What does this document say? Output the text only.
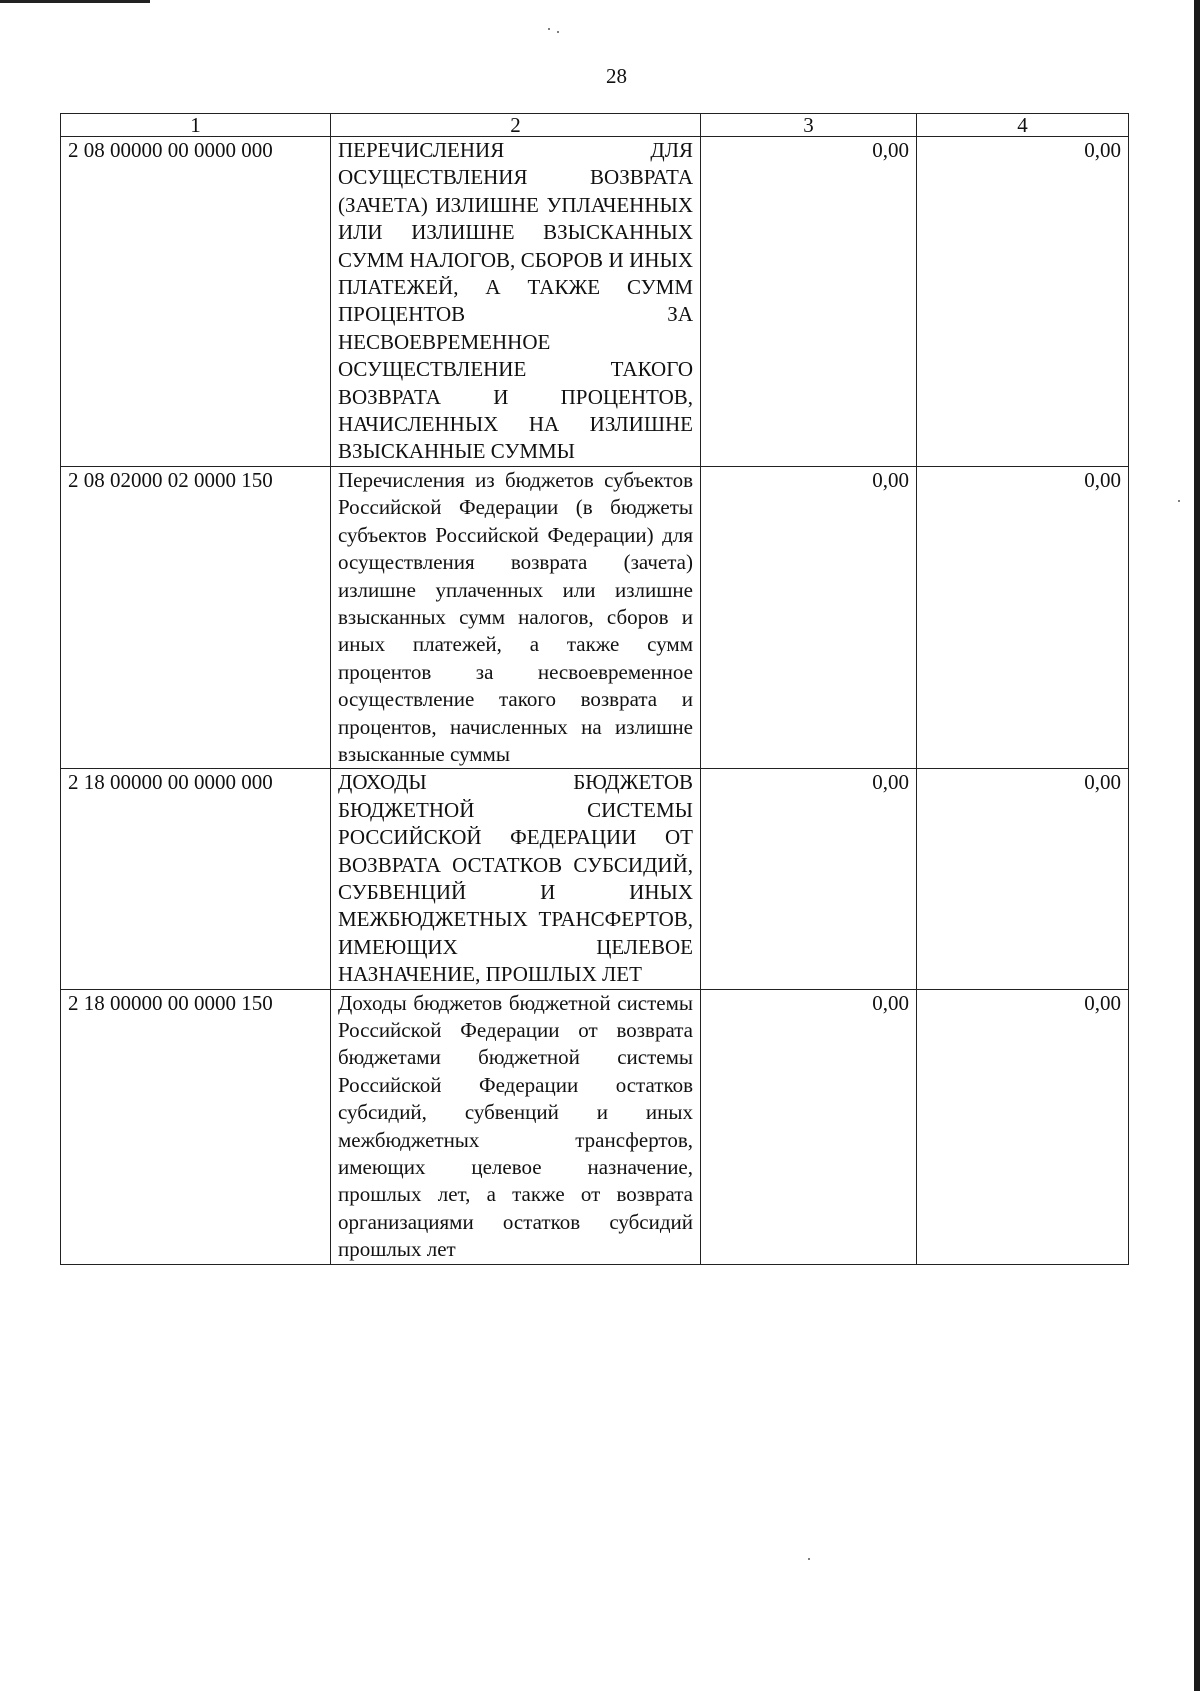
28
1	2	3	4
2 08 00000 00 0000 000	ПЕРЕЧИСЛЕНИЯ ДЛЯ ОСУЩЕСТВЛЕНИЯ ВОЗВРАТА (ЗАЧЕТА) ИЗЛИШНЕ УПЛАЧЕННЫХ ИЛИ ИЗЛИШНЕ ВЗЫСКАННЫХ СУММ НАЛОГОВ, СБОРОВ И ИНЫХ ПЛАТЕЖЕЙ, А ТАКЖЕ СУММ ПРОЦЕНТОВ ЗА НЕСВОЕВРЕМЕННОЕ ОСУЩЕСТВЛЕНИЕ ТАКОГО ВОЗВРАТА И ПРОЦЕНТОВ, НАЧИСЛЕННЫХ НА ИЗЛИШНЕ ВЗЫСКАННЫЕ СУММЫ	0,00	0,00
2 08 02000 02 0000 150	Перечисления из бюджетов субъектов Российской Федерации (в бюджеты субъектов Российской Федерации) для осуществления возврата (зачета) излишне уплаченных или излишне взысканных сумм налогов, сборов и иных платежей, а также сумм процентов за несвоевременное осуществление такого возврата и процентов, начисленных на излишне взысканные суммы	0,00	0,00
2 18 00000 00 0000 000	ДОХОДЫ БЮДЖЕТОВ БЮДЖЕТНОЙ СИСТЕМЫ РОССИЙСКОЙ ФЕДЕРАЦИИ ОТ ВОЗВРАТА ОСТАТКОВ СУБСИДИЙ, СУБВЕНЦИЙ И ИНЫХ МЕЖБЮДЖЕТНЫХ ТРАНСФЕРТОВ, ИМЕЮЩИХ ЦЕЛЕВОЕ НАЗНАЧЕНИЕ, ПРОШЛЫХ ЛЕТ	0,00	0,00
2 18 00000 00 0000 150	Доходы бюджетов бюджетной системы Российской Федерации от возврата бюджетами бюджетной системы Российской Федерации остатков субсидий, субвенций и иных межбюджетных трансфертов, имеющих целевое назначение, прошлых лет, а также от возврата организациями остатков субсидий прошлых лет	0,00	0,00
